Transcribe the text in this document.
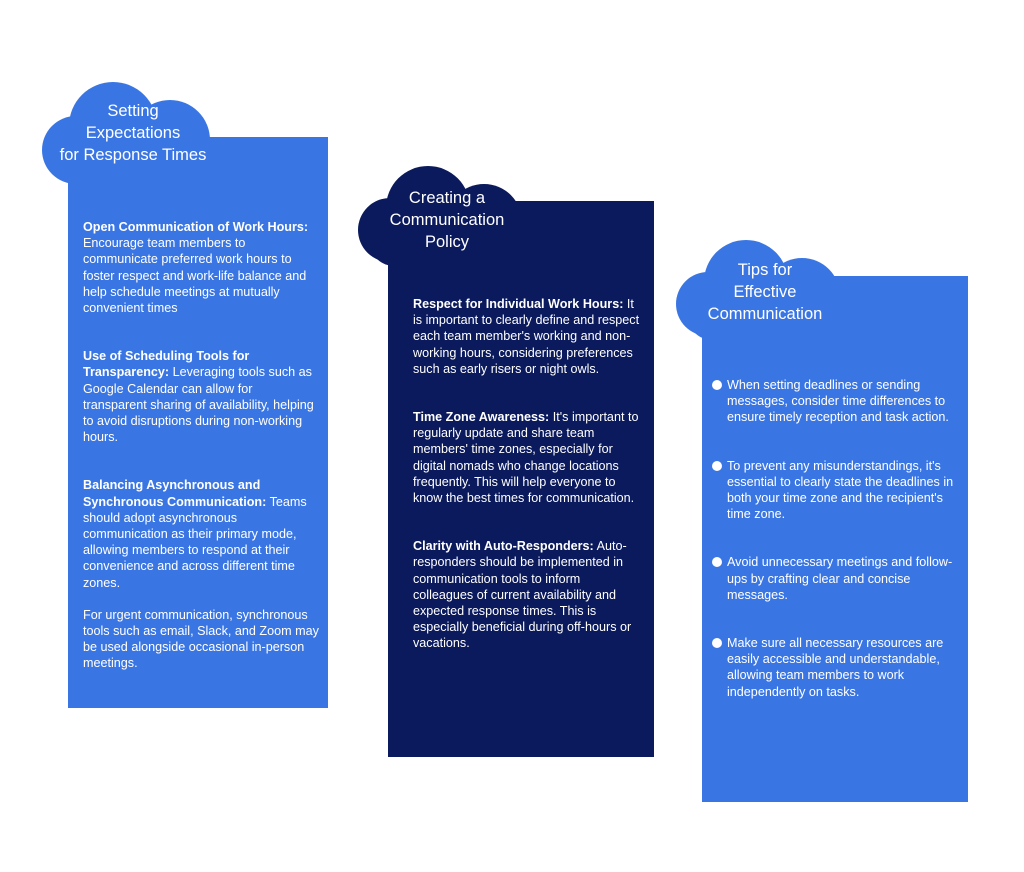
Open Communication of Work Hours: Encourage team members to communicate preferred work hours to foster respect and work-life balance and help schedule meetings at mutually convenient times

Use of Scheduling Tools for Transparency: Leveraging tools such as Google Calendar can allow for transparent sharing of availability, helping to avoid disruptions during non-working hours.

Balancing Asynchronous and Synchronous Communication: Teams should adopt asynchronous communication as their primary mode, allowing members to respond at their convenience and across different time zones.

For urgent communication, synchronous tools such as email, Slack, and Zoom may be used alongside occasional in-person meetings.

Setting
Expectations
for Response Times

Respect for Individual Work Hours: It is important to clearly define and respect each team member's working and non-working hours, considering preferences such as early risers or night owls.

Time Zone Awareness: It's important to regularly update and share team members' time zones, especially for digital nomads who change locations frequently. This will help everyone to know the best times for communication.

Clarity with Auto-Responders: Auto-responders should be implemented in communication tools to inform colleagues of current availability and expected response times. This is especially beneficial during off-hours or vacations.

Creating a
Communication
Policy
When setting deadlines or sending messages, consider time differences to ensure timely reception and task action.
To prevent any misunderstandings, it's essential to clearly state the deadlines in both your time zone and the recipient's time zone.
Avoid unnecessary meetings and follow-ups by crafting clear and concise messages.
Make sure all necessary resources are easily accessible and understandable, allowing team members to work independently on tasks.
Tips for
Effective
Communication
